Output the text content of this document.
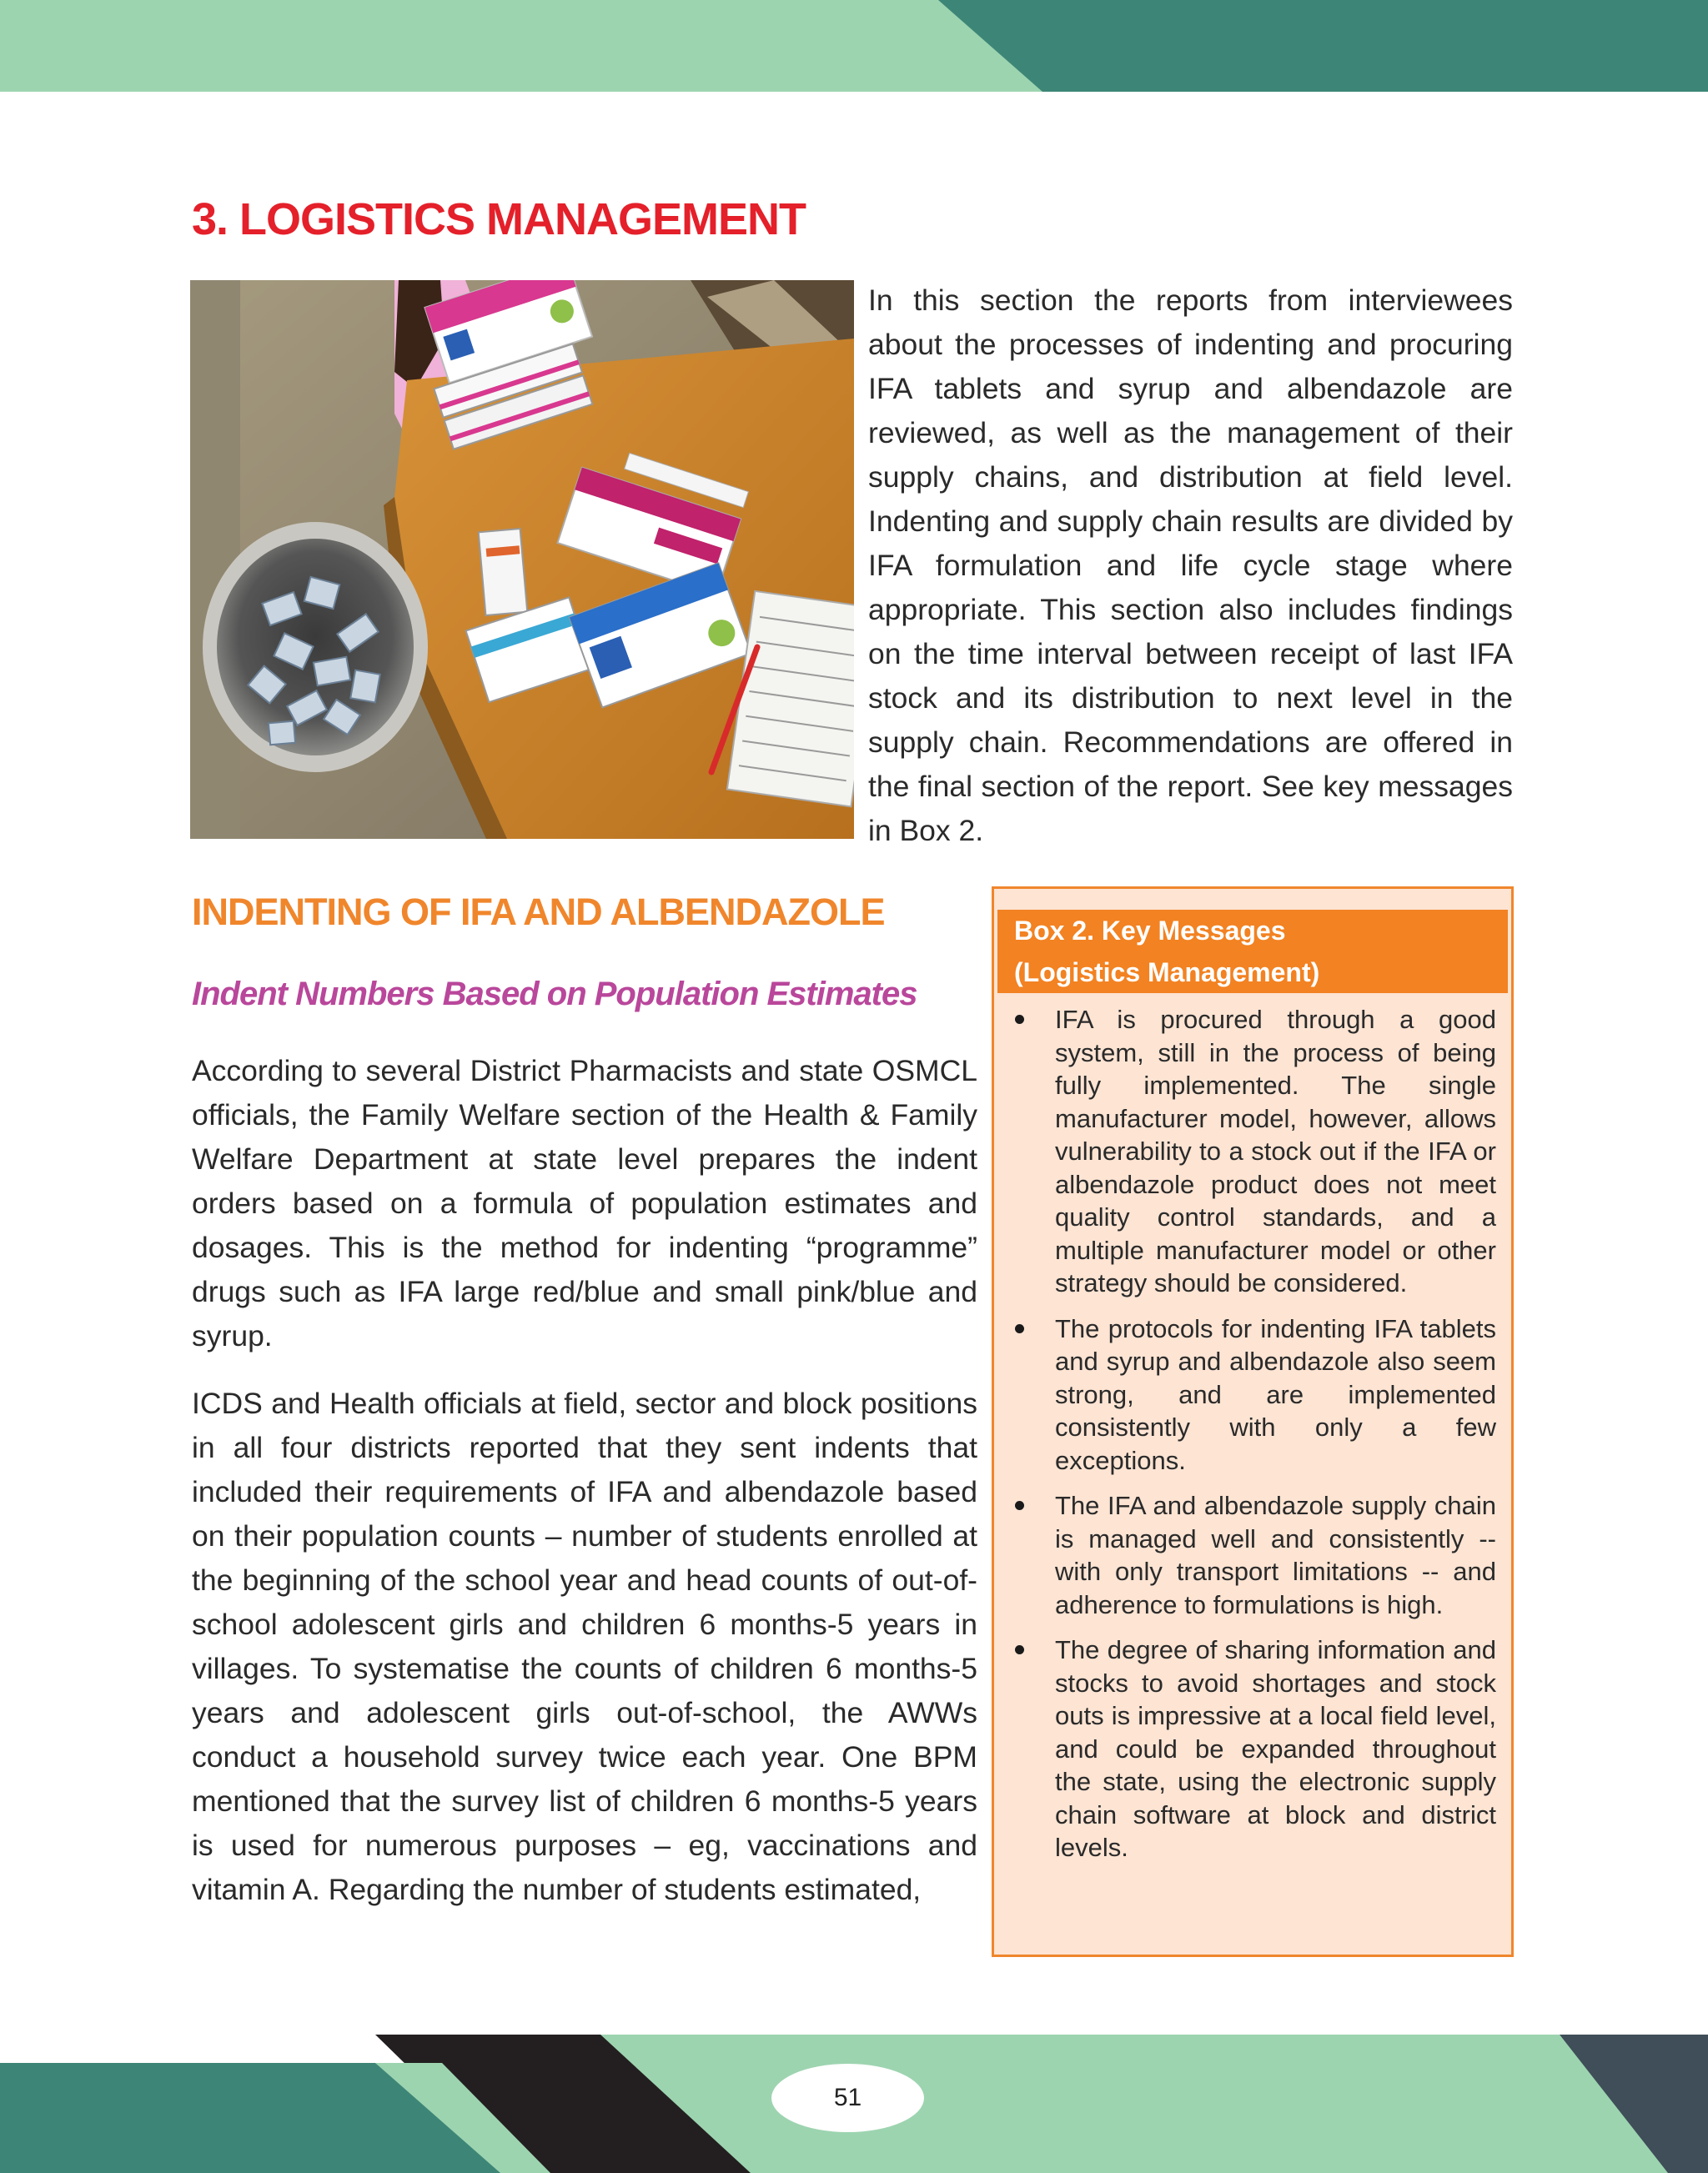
3. LOGISTICS MANAGEMENT

In this section the reports from interviewees about the processes of indenting and procuring IFA tablets and syrup and albendazole are reviewed, as well as the management of their supply chains, and distribution at field level. Indenting and supply chain results are divided by IFA formulation and life cycle stage where appropriate. This section also includes findings on the time interval between receipt of last IFA stock and its distribution to next level in the supply chain. Recommendations are offered in the final section of the report. See key messages in Box 2.

INDENTING OF IFA AND ALBENDAZOLE
Indent Numbers Based on Population Estimates

According to several District Pharmacists and state OSMCL officials, the Family Welfare section of the Health & Family Welfare Department at state level prepares the indent orders based on a formula of population estimates and dosages. This is the method for indenting “programme” drugs such as IFA large red/blue and small pink/blue and syrup.

ICDS and Health officials at field, sector and block positions in all four districts reported that they sent indents that included their requirements of IFA and albendazole based on their population counts – number of students enrolled at the beginning of the school year and head counts of out-of-school adolescent girls and children 6 months-5 years in villages. To systematise the counts of children 6 months-5 years and adolescent girls out-of-school, the AWWs conduct a household survey twice each year. One BPM mentioned that the survey list of children 6 months-5 years is used for numerous purposes – eg, vaccinations and vitamin A. Regarding the number of students estimated,

Box 2. Key Messages
(Logistics Management)
IFA is procured through a good system, still in the process of being fully implemented. The single manufacturer model, however, allows vulnerability to a stock out if the IFA or albendazole product does not meet quality control standards, and a multiple manufacturer model or other strategy should be considered.
The protocols for indenting IFA tablets and syrup and albendazole also seem strong, and are implemented consistently with only a few exceptions.
The IFA and albendazole supply chain is managed well and consistently -- with only transport limitations -- and adherence to formulations is high.
The degree of sharing information and stocks to avoid shortages and stock outs is impressive at a local field level, and could be expanded throughout the state, using the electronic supply chain software at block and district levels.
51
